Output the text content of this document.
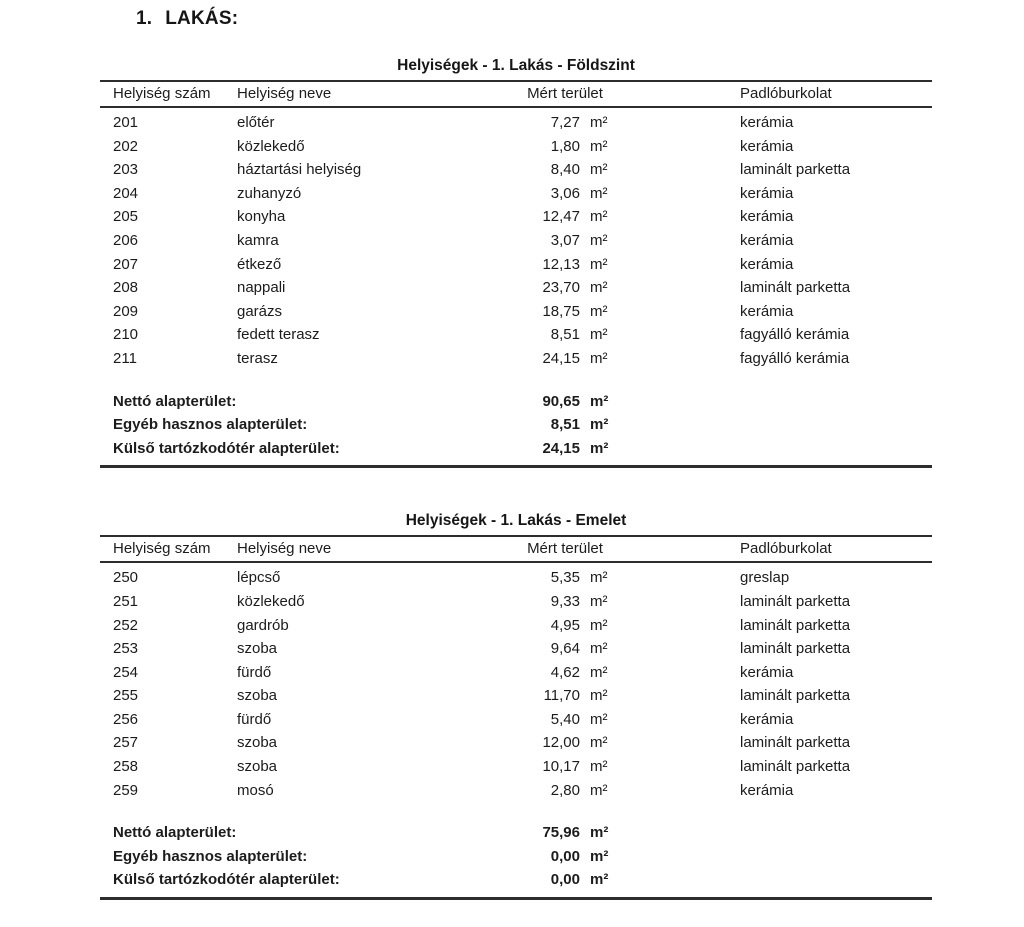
1. LAKÁS:
Helyiségek - 1. Lakás - Földszint
Helyiség szám	Helyiség neve	Mért terület	Padlóburkolat
201	előtér	7,27 m²	kerámia
202	közlekedő	1,80 m²	kerámia
203	háztartási helyiség	8,40 m²	laminált parketta
204	zuhanyzó	3,06 m²	kerámia
205	konyha	12,47 m²	kerámia
206	kamra	3,07 m²	kerámia
207	étkező	12,13 m²	kerámia
208	nappali	23,70 m²	laminált parketta
209	garázs	18,75 m²	kerámia
210	fedett terasz	8,51 m²	fagyálló kerámia
211	terasz	24,15 m²	fagyálló kerámia
Nettó alapterület:	90,65 m²
Egyéb hasznos alapterület:	8,51 m²
Külső tartózkodótér alapterület:	24,15 m²
Helyiségek - 1. Lakás - Emelet
Helyiség szám	Helyiség neve	Mért terület	Padlóburkolat
250	lépcső	5,35 m²	greslap
251	közlekedő	9,33 m²	laminált parketta
252	gardrób	4,95 m²	laminált parketta
253	szoba	9,64 m²	laminált parketta
254	fürdő	4,62 m²	kerámia
255	szoba	11,70 m²	laminált parketta
256	fürdő	5,40 m²	kerámia
257	szoba	12,00 m²	laminált parketta
258	szoba	10,17 m²	laminált parketta
259	mosó	2,80 m²	kerámia
Nettó alapterület:	75,96 m²
Egyéb hasznos alapterület:	0,00 m²
Külső tartózkodótér alapterület:	0,00 m²
